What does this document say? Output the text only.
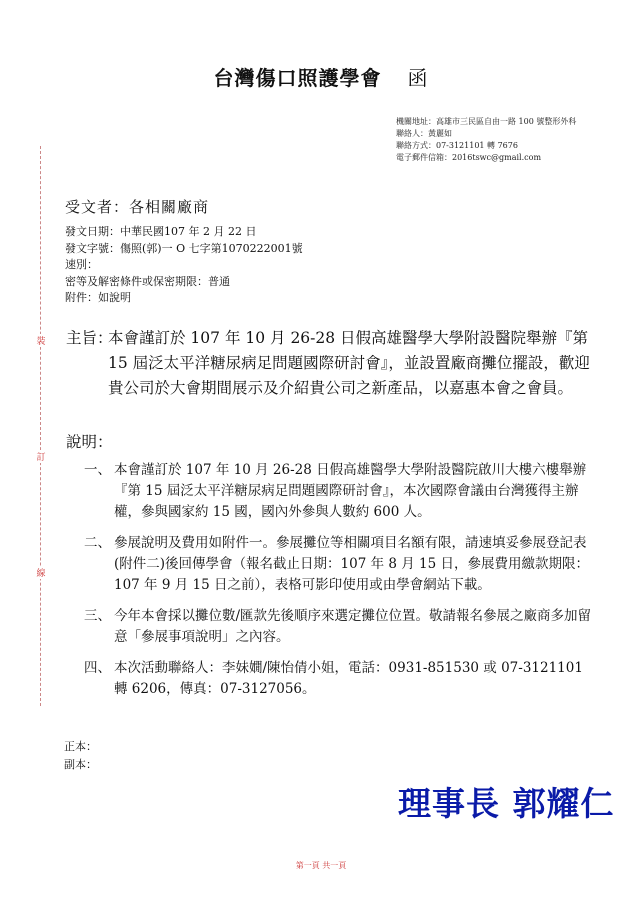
台灣傷口照護學會 函
機關地址：高雄市三民區自由一路 100 號整形外科
聯絡人：黃麗如
聯絡方式：07-3121101 轉 7676
電子郵件信箱：2016tswc@gmail.com
裝
訂
線
受文者：各相關廠商
發文日期：中華民國107 年 2 月 22 日
發文字號：傷照(郭)一 O 七字第1070222001號
速別：
密等及解密條件或保密期限：普通
附件：如說明
主旨：
本會謹訂於 107 年 10 月 26-28 日假高雄醫學大學附設醫院舉辦『第 15 屆泛太平洋糖尿病足問題國際研討會』，並設置廠商攤位擺設，歡迎貴公司於大會期間展示及介紹貴公司之新產品，以嘉惠本會之會員。
說明：
一、 本會謹訂於 107 年 10 月 26-28 日假高雄醫學大學附設醫院啟川大樓六樓舉辦『第 15 屆泛太平洋糖尿病足問題國際研討會』，本次國際會議由台灣獲得主辦權，參與國家約 15 國，國內外參與人數約 600 人。
二、 參展說明及費用如附件一。參展攤位等相關項目名額有限，請速填妥參展登記表(附件二)後回傳學會（報名截止日期：107 年 8 月 15 日，參展費用繳款期限：107 年 9 月 15 日之前），表格可影印使用或由學會網站下載。
三、 今年本會採以攤位數/匯款先後順序來選定攤位位置。敬請報名參展之廠商多加留意「參展事項說明」之內容。
四、 本次活動聯絡人：李妹嫺/陳怡倩小姐，電話：0931-851530 或 07-3121101 轉 6206，傳真：07-3127056。
正本：
副本：
理事長 郭耀仁
第一頁 共一頁
